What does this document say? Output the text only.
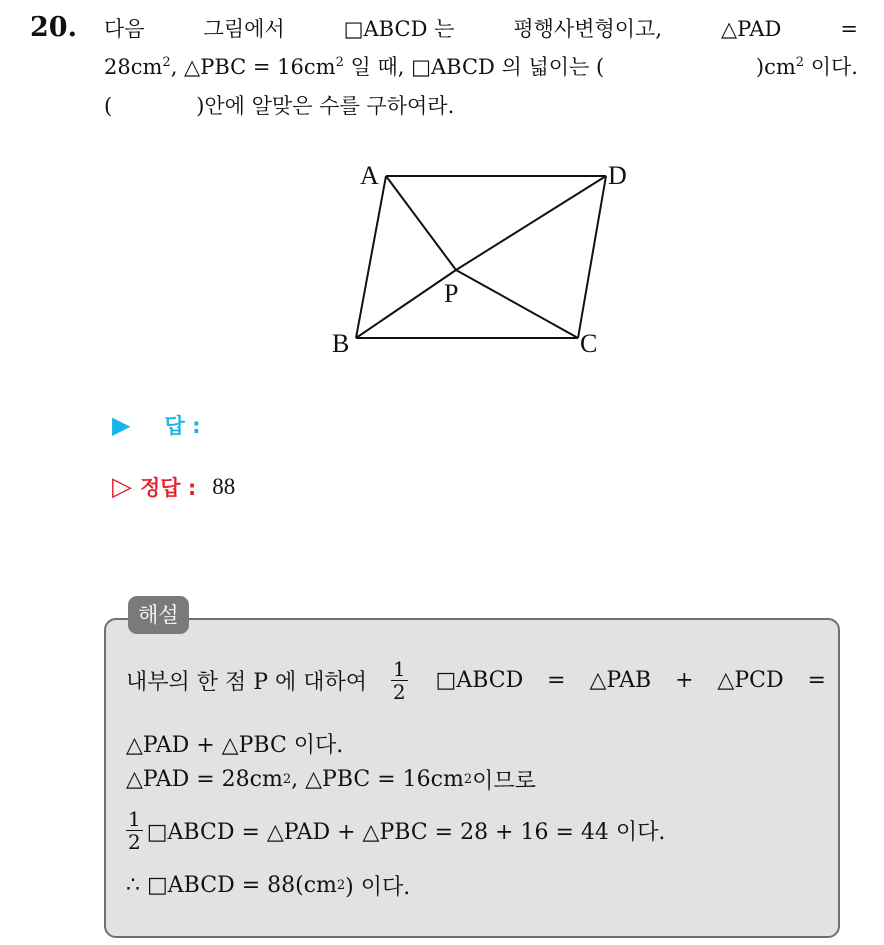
20. 다음	그림에서	□ABCD 는	평행사변형이고,	△PAD	=
$28cm^2$, △PBC = $16cm^2$ 일 때, □ABCD 의 넓이는 (	)$cm^2$ 이다.
(	)안에 알맞은 수를 구하여라.
A	D
P
B	C
▶ 답 :
▷ 정답 : 88
해설
내부의 한 점 P 에 대하여 $\frac{1}{2}$ □ABCD = △PAB + △PCD =
△PAD + △PBC 이다.
△PAD = 28cm 2 , △PBC = 16cm 2 이므로
$\frac{1}{2}$ □ABCD = △PAD + △PBC = 28 + 16 = 44 이다.
∴ □ABCD = 88(cm 2 ) 이다.
